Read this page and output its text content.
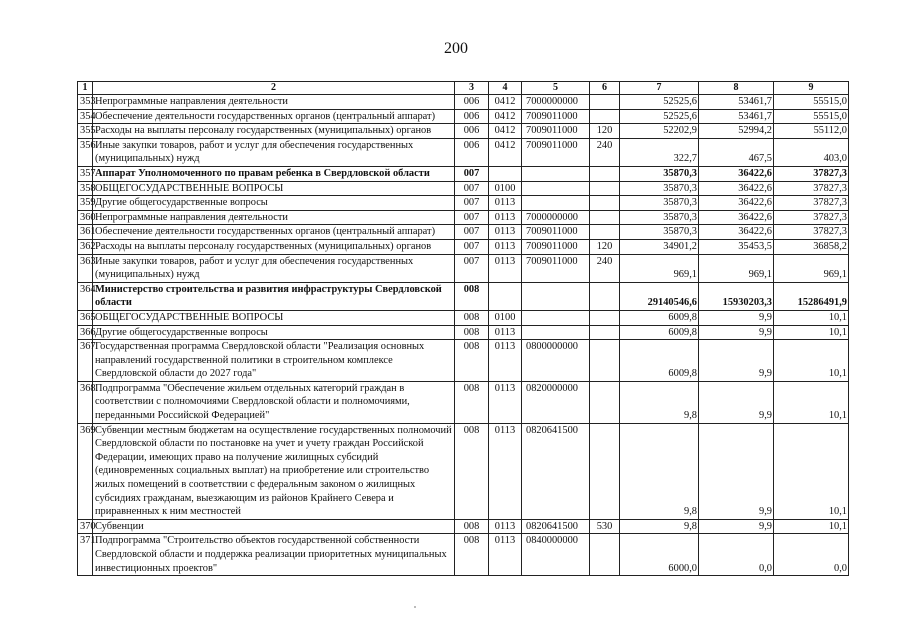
200
1	2	3	4	5	6	7	8	9
353	Непрограммные направления деятельности	006	0412	7000000000		52525,6	53461,7	55515,0
354	Обеспечение деятельности государственных органов (центральный аппарат)	006	0412	7009011000		52525,6	53461,7	55515,0
355	Расходы на выплаты персоналу государственных (муниципальных) органов	006	0412	7009011000	120	52202,9	52994,2	55112,0
356	Иные закупки товаров, работ и услуг для обеспечения государственных (муниципальных) нужд	006	0412	7009011000	240	322,7	467,5	403,0
357	Аппарат Уполномоченного по правам ребенка в Свердловской области	007				35870,3	36422,6	37827,3
358	ОБЩЕГОСУДАРСТВЕННЫЕ ВОПРОСЫ	007	0100			35870,3	36422,6	37827,3
359	Другие общегосударственные вопросы	007	0113			35870,3	36422,6	37827,3
360	Непрограммные направления деятельности	007	0113	7000000000		35870,3	36422,6	37827,3
361	Обеспечение деятельности государственных органов (центральный аппарат)	007	0113	7009011000		35870,3	36422,6	37827,3
362	Расходы на выплаты персоналу государственных (муниципальных) органов	007	0113	7009011000	120	34901,2	35453,5	36858,2
363	Иные закупки товаров, работ и услуг для обеспечения государственных (муниципальных) нужд	007	0113	7009011000	240	969,1	969,1	969,1
364	Министерство строительства и развития инфраструктуры Свердловской области	008				29140546,6	15930203,3	15286491,9
365	ОБЩЕГОСУДАРСТВЕННЫЕ ВОПРОСЫ	008	0100			6009,8	9,9	10,1
366	Другие общегосударственные вопросы	008	0113			6009,8	9,9	10,1
367	Государственная программа Свердловской области "Реализация основных направлений государственной политики в строительном комплексе Свердловской области до 2027 года"	008	0113	0800000000		6009,8	9,9	10,1
368	Подпрограмма "Обеспечение жильем отдельных категорий граждан в соответствии с полномочиями Свердловской области и полномочиями, переданными Российской Федерацией"	008	0113	0820000000		9,8	9,9	10,1
369	Субвенции местным бюджетам на осуществление государственных полномочий Свердловской области по постановке на учет и учету граждан Российской Федерации, имеющих право на получение жилищных субсидий (единовременных социальных выплат) на приобретение или строительство жилых помещений в соответствии с федеральным законом о жилищных субсидиях гражданам, выезжающим из районов Крайнего Севера и приравненных к ним местностей	008	0113	0820641500		9,8	9,9	10,1
370	Субвенции	008	0113	0820641500	530	9,8	9,9	10,1
371	Подпрограмма "Строительство объектов государственной собственности Свердловской области и поддержка реализации приоритетных муниципальных инвестиционных проектов"	008	0113	0840000000		6000,0	0,0	0,0
